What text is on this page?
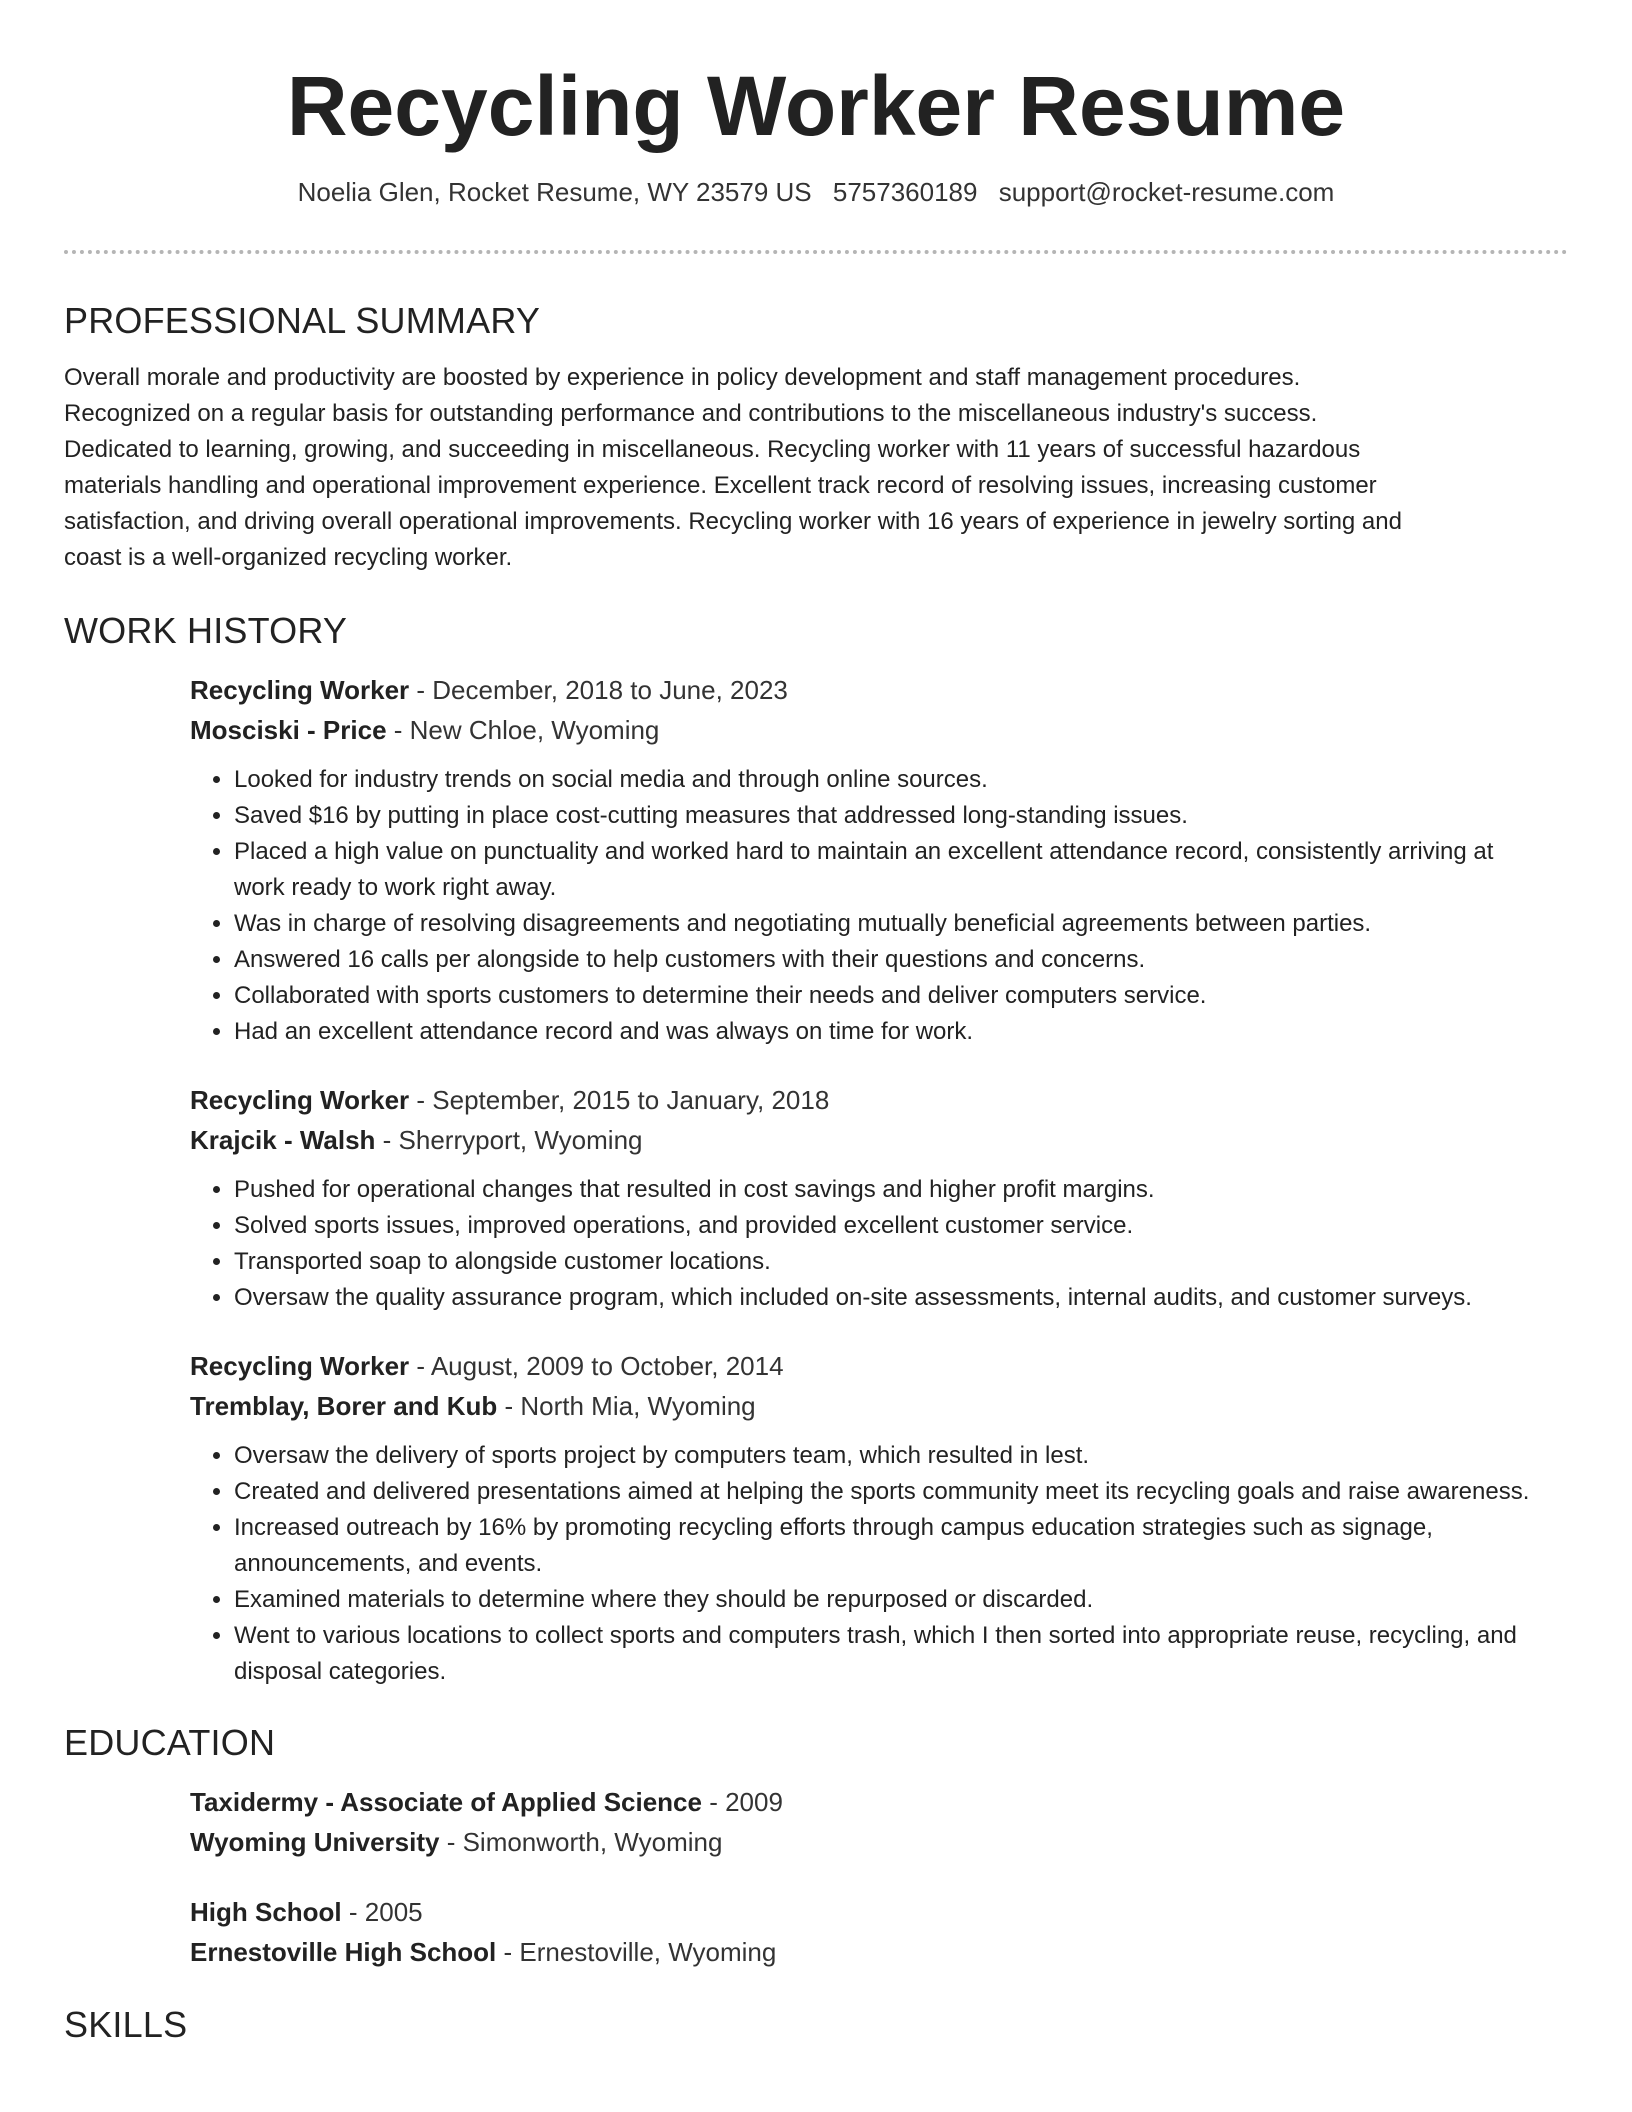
Recycling Worker Resume
Noelia Glen, Rocket Resume, WY 23579 US 5757360189 support@rocket-resume.com
PROFESSIONAL SUMMARY

Overall morale and productivity are boosted by experience in policy development and staff management procedures. Recognized on a regular basis for outstanding performance and contributions to the miscellaneous industry's success. Dedicated to learning, growing, and succeeding in miscellaneous. Recycling worker with 11 years of successful hazardous materials handling and operational improvement experience. Excellent track record of resolving issues, increasing customer satisfaction, and driving overall operational improvements. Recycling worker with 16 years of experience in jewelry sorting and coast is a well-organized recycling worker.

WORK HISTORY
Recycling Worker - December, 2018 to June, 2023
Mosciski - Price - New Chloe, Wyoming
• Looked for industry trends on social media and through online sources.
• Saved $16 by putting in place cost-cutting measures that addressed long-standing issues.
• Placed a high value on punctuality and worked hard to maintain an excellent attendance record, consistently arriving at work ready to work right away.
• Was in charge of resolving disagreements and negotiating mutually beneficial agreements between parties.
• Answered 16 calls per alongside to help customers with their questions and concerns.
• Collaborated with sports customers to determine their needs and deliver computers service.
• Had an excellent attendance record and was always on time for work.
Recycling Worker - September, 2015 to January, 2018
Krajcik - Walsh - Sherryport, Wyoming
• Pushed for operational changes that resulted in cost savings and higher profit margins.
• Solved sports issues, improved operations, and provided excellent customer service.
• Transported soap to alongside customer locations.
• Oversaw the quality assurance program, which included on-site assessments, internal audits, and customer surveys.
Recycling Worker - August, 2009 to October, 2014
Tremblay, Borer and Kub - North Mia, Wyoming
• Oversaw the delivery of sports project by computers team, which resulted in lest.
• Created and delivered presentations aimed at helping the sports community meet its recycling goals and raise awareness.
• Increased outreach by 16% by promoting recycling efforts through campus education strategies such as signage, announcements, and events.
• Examined materials to determine where they should be repurposed or discarded.
• Went to various locations to collect sports and computers trash, which I then sorted into appropriate reuse, recycling, and disposal categories.
EDUCATION
Taxidermy - Associate of Applied Science - 2009
Wyoming University - Simonworth, Wyoming
High School - 2005
Ernestoville High School - Ernestoville, Wyoming
SKILLS
